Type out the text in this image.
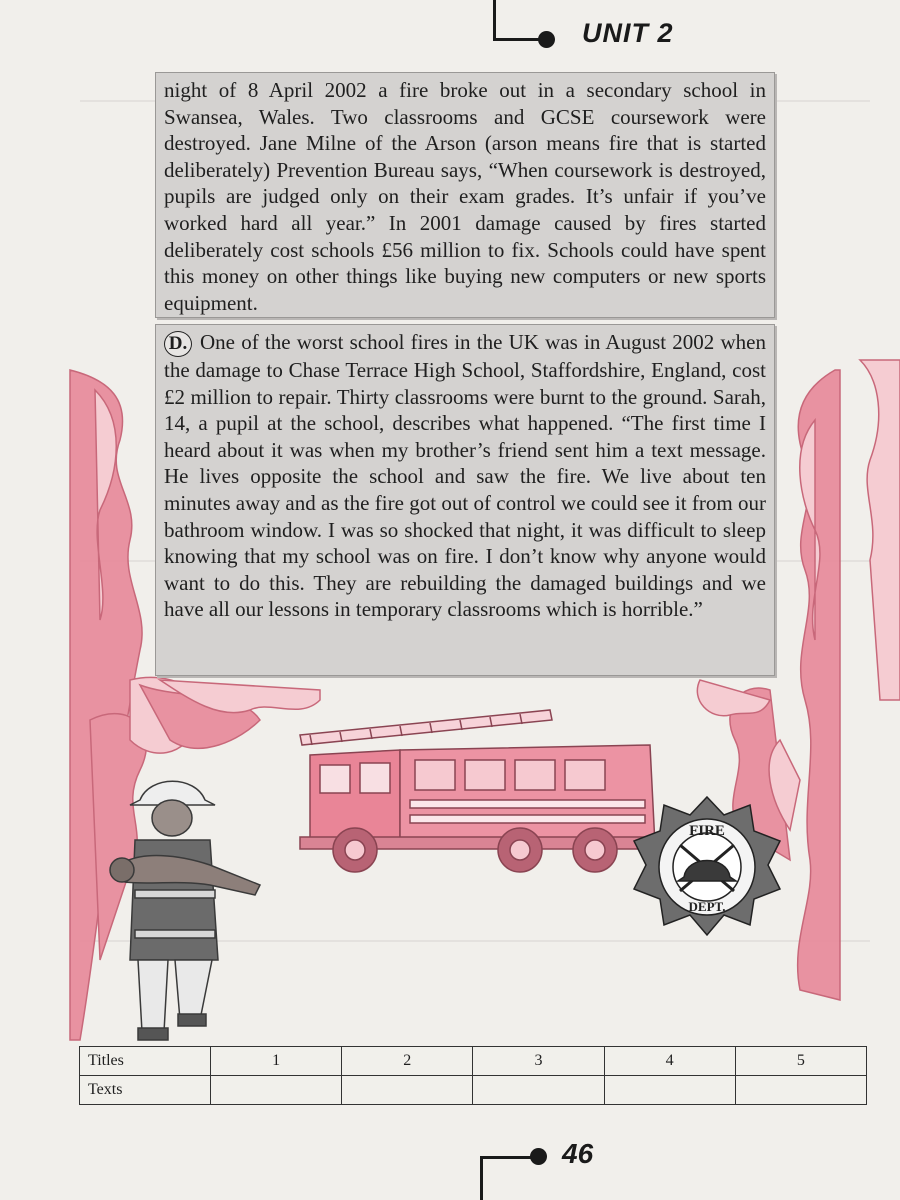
UNIT 2

night of 8 April 2002 a fire broke out in a secondary school in Swansea, Wales. Two classrooms and GCSE coursework were destroyed. Jane Milne of the Arson (arson means fire that is started deliberately) Prevention Bureau says, “When coursework is destroyed, pupils are judged only on their exam grades. It’s unfair if you’ve worked hard all year.” In 2001 damage caused by fires started deliberately cost schools £56 million to fix. Schools could have spent this money on other things like buying new computers or new sports equipment.

D. One of the worst school fires in the UK was in August 2002 when the damage to Chase Terrace High School, Staffordshire, England, cost £2 million to repair. Thirty classrooms were burnt to the ground. Sarah, 14, a pupil at the school, describes what happened. “The first time I heard about it was when my brother’s friend sent him a text message. He lives opposite the school and saw the fire. We live about ten minutes away and as the fire got out of control we could see it from our bathroom window. I was so shocked that night, it was difficult to sleep knowing that my school was on fire. I don’t know why anyone would want to do this. They are rebuilding the damaged buildings and we have all our lessons in temporary classrooms which is horrible.”

FIRE
DEPT.
Titles	1	2	3	4	5
Texts					
46
